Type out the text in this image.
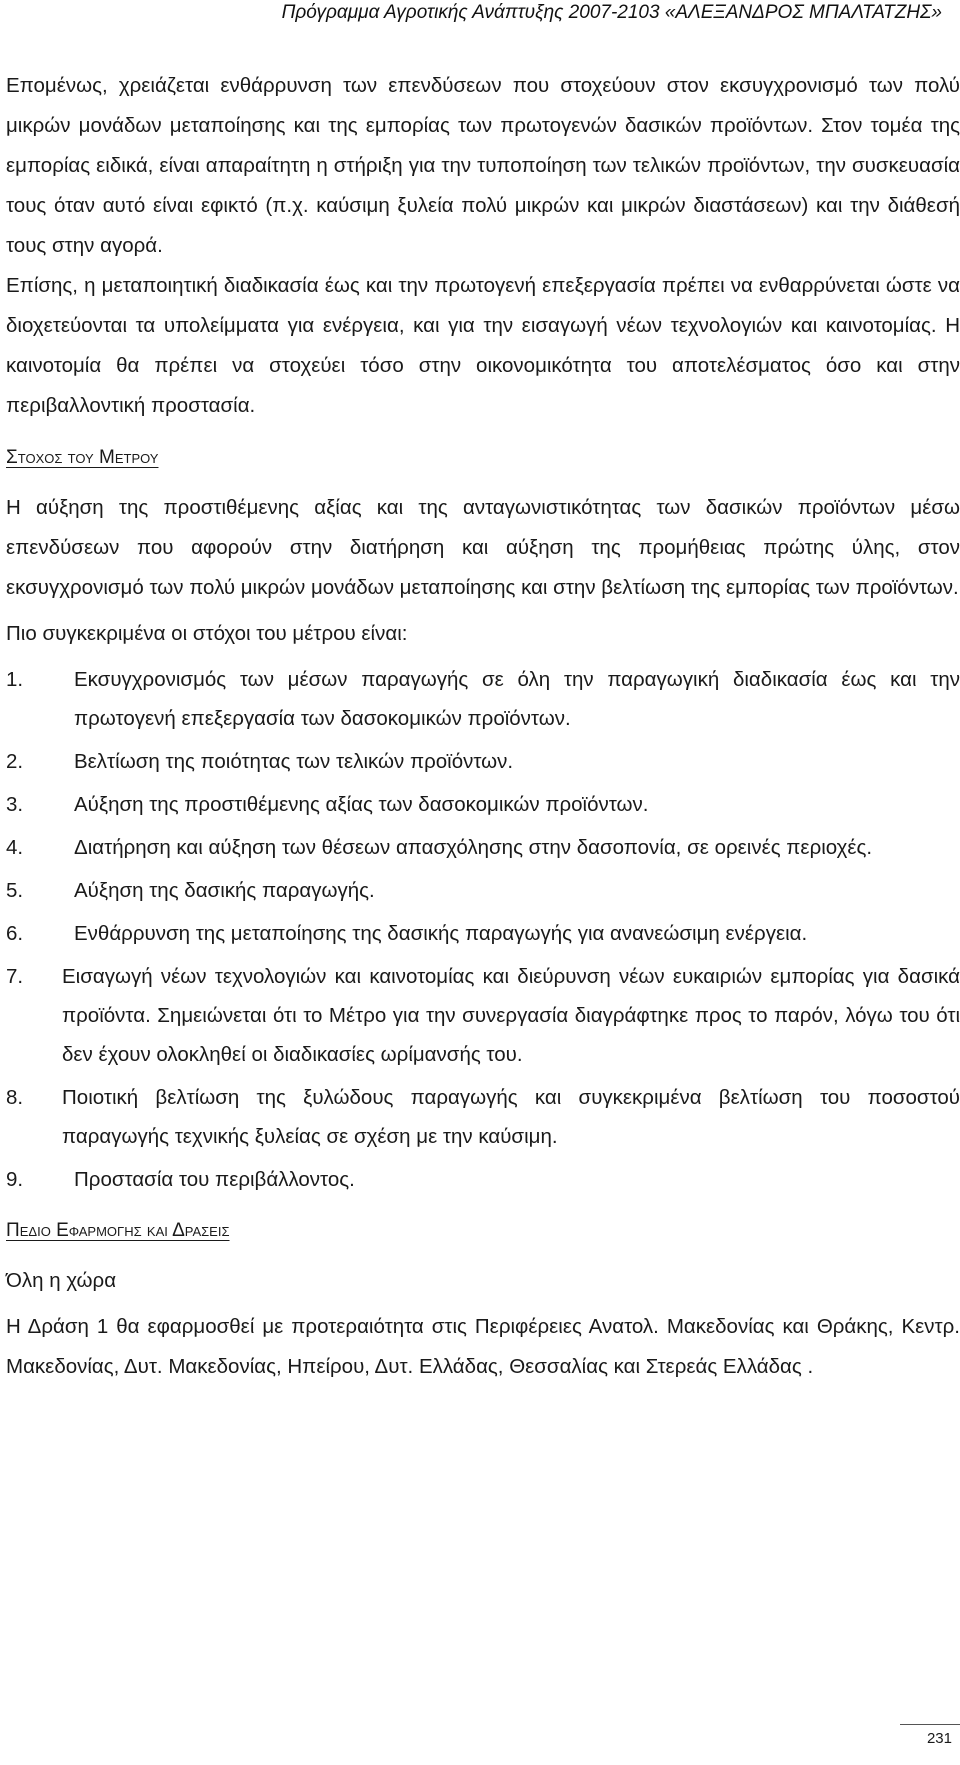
Πρόγραμμα Αγροτικής Ανάπτυξης 2007-2103 «ΑΛΕΞΑΝΔΡΟΣ ΜΠΑΛΤΑΤΖΗΣ»

Επομένως, χρειάζεται ενθάρρυνση των επενδύσεων που στοχεύουν στον εκσυγχρονισμό των πολύ μικρών μονάδων μεταποίησης και της εμπορίας των πρωτογενών δασικών προϊόντων. Στον τομέα της εμπορίας ειδικά, είναι απαραίτητη η στήριξη για την τυποποίηση των τελικών προϊόντων, την συσκευασία τους όταν αυτό είναι εφικτό (π.χ. καύσιμη ξυλεία πολύ μικρών και μικρών διαστάσεων) και την διάθεσή τους στην αγορά.

Επίσης, η μεταποιητική διαδικασία έως και την πρωτογενή επεξεργασία πρέπει να ενθαρρύνεται ώστε να διοχετεύονται τα υπολείμματα για ενέργεια, και για την εισαγωγή νέων τεχνολογιών και καινοτομίας. Η καινοτομία θα πρέπει να στοχεύει τόσο στην οικονομικότητα του αποτελέσματος όσο και στην περιβαλλοντική προστασία.

Στοχος του Μετρου

Η αύξηση της προστιθέμενης αξίας και της ανταγωνιστικότητας των δασικών προϊόντων μέσω επενδύσεων που αφορούν στην διατήρηση και αύξηση της προμήθειας πρώτης ύλης, στον εκσυγχρονισμό των πολύ μικρών μονάδων μεταποίησης και στην βελτίωση της εμπορίας των προϊόντων.

Πιο συγκεκριμένα οι στόχοι του μέτρου είναι:

1. Εκσυγχρονισμός των μέσων παραγωγής σε όλη την παραγωγική διαδικασία έως και την πρωτογενή επεξεργασία των δασοκομικών προϊόντων.
2. Βελτίωση της ποιότητας των τελικών προϊόντων.
3. Αύξηση της προστιθέμενης αξίας των δασοκομικών προϊόντων.
4. Διατήρηση και αύξηση των θέσεων απασχόλησης στην δασοπονία, σε ορεινές περιοχές.
5. Αύξηση της δασικής παραγωγής.
6. Ενθάρρυνση της μεταποίησης της δασικής παραγωγής για ανανεώσιμη ενέργεια.
7. Εισαγωγή νέων τεχνολογιών και καινοτομίας και διεύρυνση νέων ευκαιριών εμπορίας για δασικά προϊόντα. Σημειώνεται ότι το Μέτρο για την συνεργασία διαγράφτηκε προς το παρόν, λόγω του ότι δεν έχουν ολοκληθεί οι διαδικασίες ωρίμανσής του.
8. Ποιοτική βελτίωση της ξυλώδους παραγωγής και συγκεκριμένα βελτίωση του ποσοστού παραγωγής τεχνικής ξυλείας σε σχέση με την καύσιμη.
9. Προστασία του περιβάλλοντος.
Πεδιο Εφαρμογης και Δρασεις

Όλη η χώρα

Η Δράση 1 θα εφαρμοσθεί με προτεραιότητα στις Περιφέρειες Ανατολ. Μακεδονίας και Θράκης, Κεντρ. Μακεδονίας, Δυτ. Μακεδονίας, Ηπείρου, Δυτ. Ελλάδας, Θεσσαλίας και Στερεάς Ελλάδας .

231
